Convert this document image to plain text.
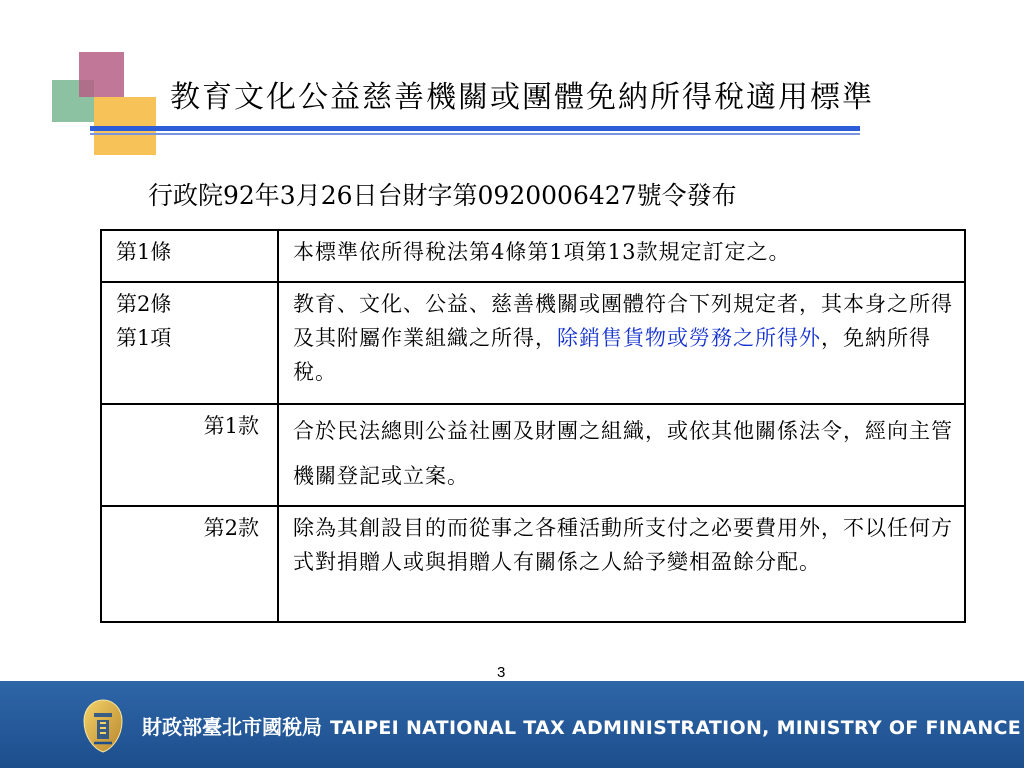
教育文化公益慈善機關或團體免納所得稅適用標準
行政院92年3月26日台財字第0920006427號令發布
第1條	本標準依所得稅法第4條第1項第13款規定訂定之。

第2條
第1項	教育、文化、公益、慈善機關或團體符合下列規定者，其本身之所得及其附屬作業組織之所得，除銷售貨物或勞務之所得外，免納所得稅。
第1款	合於民法總則公益社團及財團之組織，或依其他關係法令，經向主管機關登記或立案。
第2款	除為其創設目的而從事之各種活動所支付之必要費用外，不以任何方式對捐贈人或與捐贈人有關係之人給予變相盈餘分配。
3
財政部臺北市國稅局 TAIPEI NATIONAL TAX ADMINISTRATION, MINISTRY OF FINANCE
